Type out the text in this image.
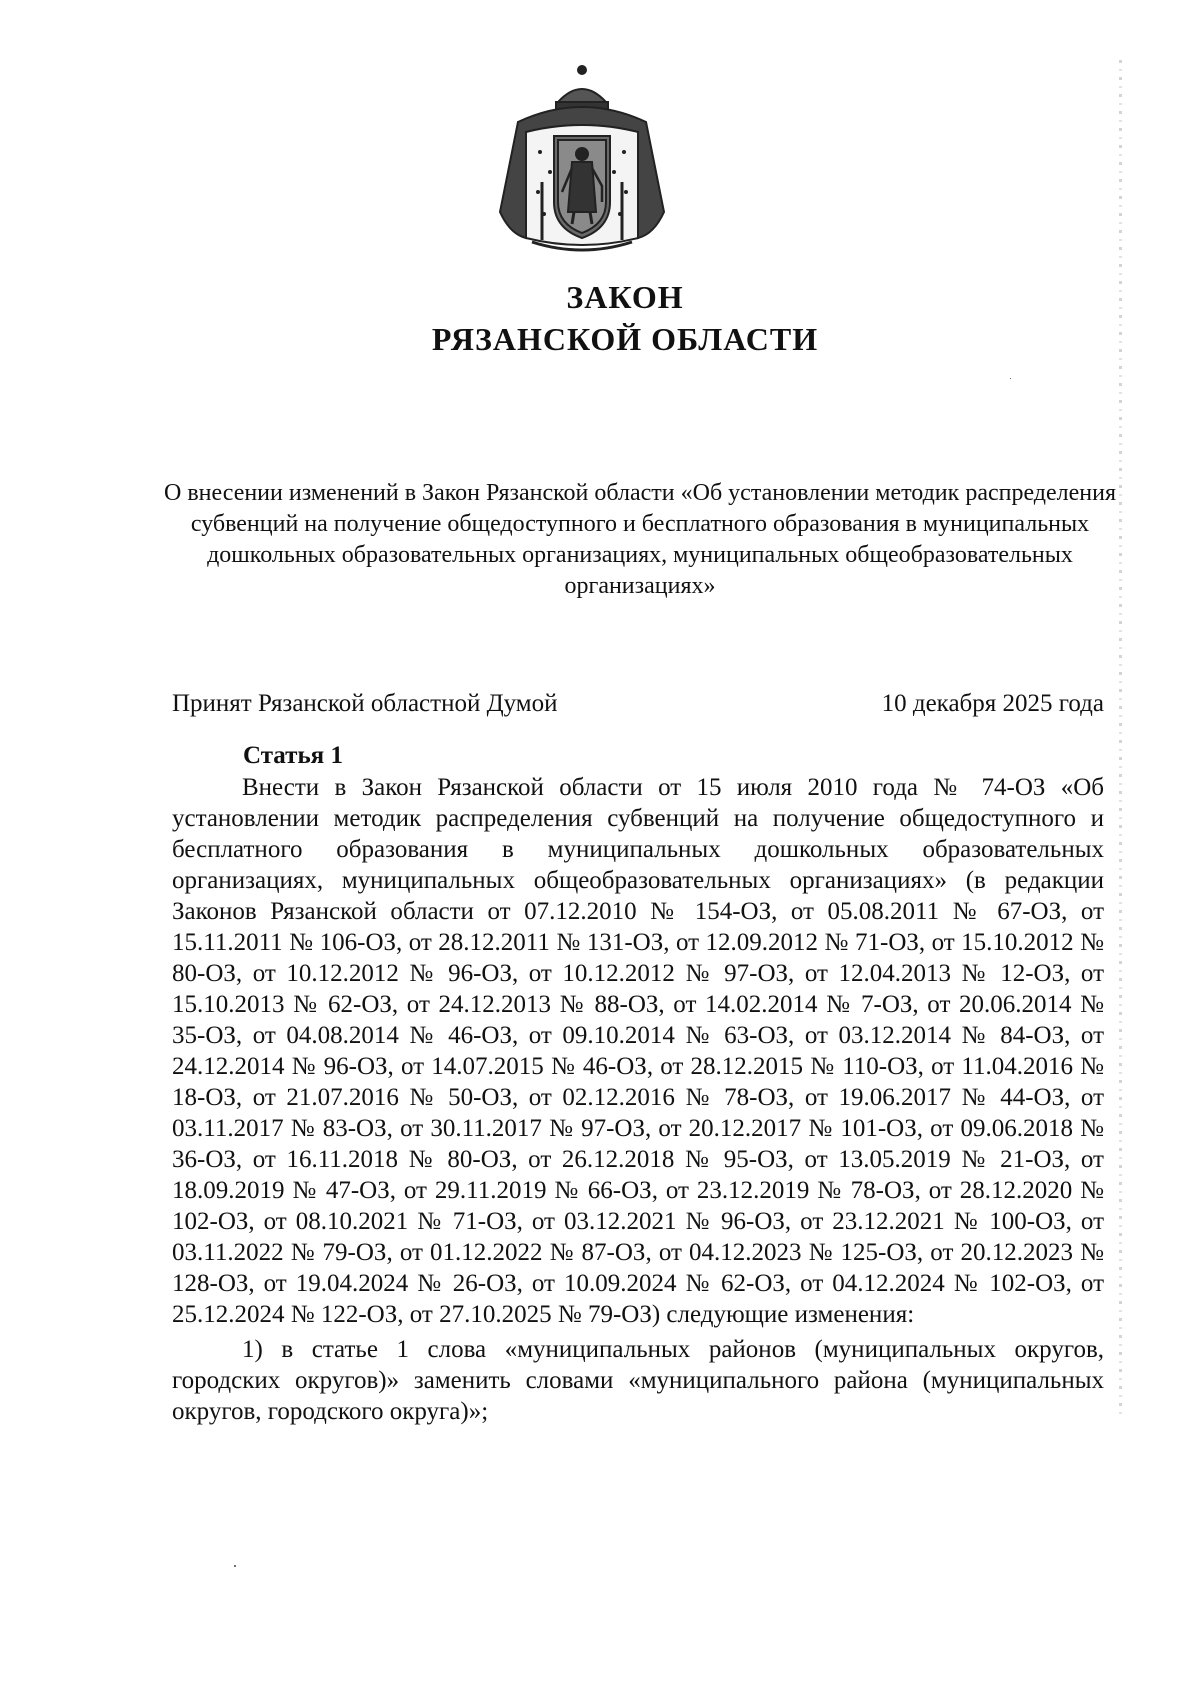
ЗАКОН
РЯЗАНСКОЙ ОБЛАСТИ
О внесении изменений в Закон Рязанской области «Об установлении методик распределения субвенций на получение общедоступного и бесплатного образования в муниципальных дошкольных образовательных организациях, муниципальных общеобразовательных организациях»
Принят Рязанской областной Думой	10 декабря 2025 года
Статья 1

Внести в Закон Рязанской области от 15 июля 2010 года № 74-ОЗ «Об установлении методик распределения субвенций на получение общедоступного и бесплатного образования в муниципальных дошкольных образовательных организациях, муниципальных общеобразовательных организациях» (в редакции Законов Рязанской области от 07.12.2010 № 154-ОЗ, от 05.08.2011 № 67-ОЗ, от 15.11.2011 № 106-ОЗ, от 28.12.2011 № 131-ОЗ, от 12.09.2012 № 71-ОЗ, от 15.10.2012 № 80-ОЗ, от 10.12.2012 № 96-ОЗ, от 10.12.2012 № 97-ОЗ, от 12.04.2013 № 12-ОЗ, от 15.10.2013 № 62-ОЗ, от 24.12.2013 № 88-ОЗ, от 14.02.2014 № 7-ОЗ, от 20.06.2014 № 35-ОЗ, от 04.08.2014 № 46-ОЗ, от 09.10.2014 № 63-ОЗ, от 03.12.2014 № 84-ОЗ, от 24.12.2014 № 96-ОЗ, от 14.07.2015 № 46-ОЗ, от 28.12.2015 № 110-ОЗ, от 11.04.2016 № 18-ОЗ, от 21.07.2016 № 50-ОЗ, от 02.12.2016 № 78-ОЗ, от 19.06.2017 № 44-ОЗ, от 03.11.2017 № 83-ОЗ, от 30.11.2017 № 97-ОЗ, от 20.12.2017 № 101-ОЗ, от 09.06.2018 № 36-ОЗ, от 16.11.2018 № 80-ОЗ, от 26.12.2018 № 95-ОЗ, от 13.05.2019 № 21-ОЗ, от 18.09.2019 № 47-ОЗ, от 29.11.2019 № 66-ОЗ, от 23.12.2019 № 78-ОЗ, от 28.12.2020 № 102-ОЗ, от 08.10.2021 № 71-ОЗ, от 03.12.2021 № 96-ОЗ, от 23.12.2021 № 100-ОЗ, от 03.11.2022 № 79-ОЗ, от 01.12.2022 № 87-ОЗ, от 04.12.2023 № 125-ОЗ, от 20.12.2023 № 128-ОЗ, от 19.04.2024 № 26-ОЗ, от 10.09.2024 № 62-ОЗ, от 04.12.2024 № 102-ОЗ, от 25.12.2024 № 122-ОЗ, от 27.10.2025 № 79-ОЗ) следующие изменения:

1) в статье 1 слова «муниципальных районов (муниципальных округов, городских округов)» заменить словами «муниципального района (муниципальных округов, городского округа)»;
